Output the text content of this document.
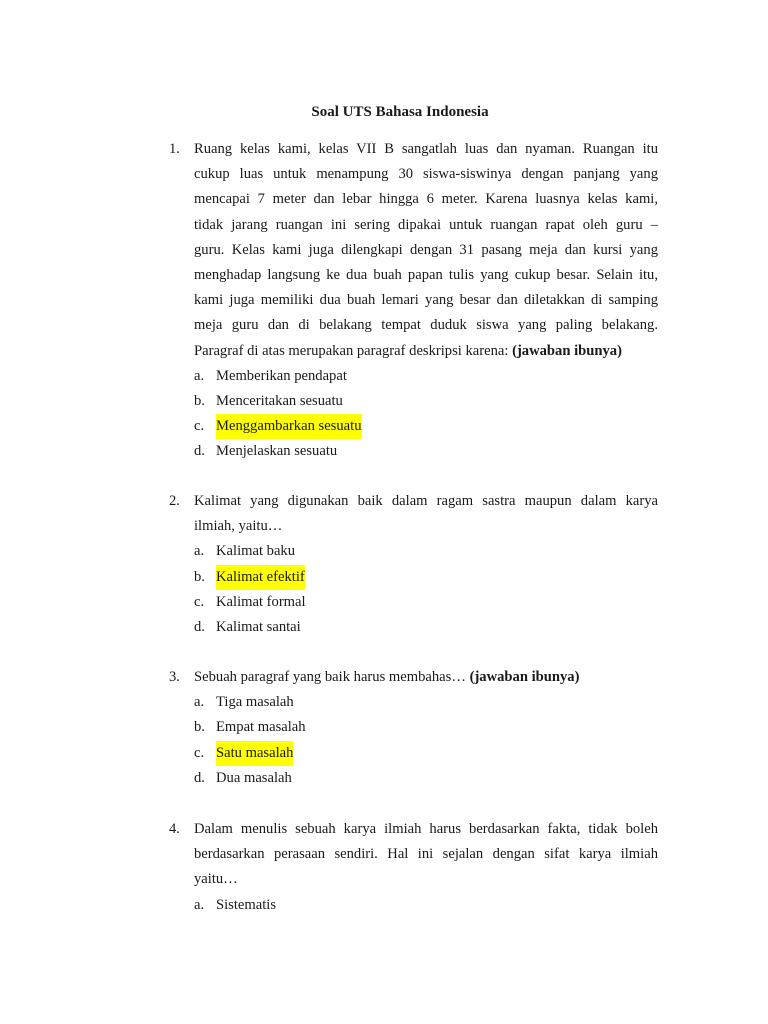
Soal UTS Bahasa Indonesia
1. Ruang kelas kami, kelas VII B sangatlah luas dan nyaman. Ruangan itu
cukup luas untuk menampung 30 siswa-siswinya dengan panjang yang
mencapai 7 meter dan lebar hingga 6 meter. Karena luasnya kelas kami,
tidak jarang ruangan ini sering dipakai untuk ruangan rapat oleh guru –
guru. Kelas kami juga dilengkapi dengan 31 pasang meja dan kursi yang
menghadap langsung ke dua buah papan tulis yang cukup besar. Selain itu,
kami juga memiliki dua buah lemari yang besar dan diletakkan di samping
meja guru dan di belakang tempat duduk siswa yang paling belakang.
Paragraf di atas merupakan paragraf deskripsi karena: (jawaban ibunya)
a. Memberikan pendapat
b. Menceritakan sesuatu
c. Menggambarkan sesuatu
d. Menjelaskan sesuatu
2. Kalimat yang digunakan baik dalam ragam sastra maupun dalam karya
ilmiah, yaitu…
a. Kalimat baku
b. Kalimat efektif
c. Kalimat formal
d. Kalimat santai
3. Sebuah paragraf yang baik harus membahas… (jawaban ibunya)
a. Tiga masalah
b. Empat masalah
c. Satu masalah
d. Dua masalah
4. Dalam menulis sebuah karya ilmiah harus berdasarkan fakta, tidak boleh
berdasarkan perasaan sendiri. Hal ini sejalan dengan sifat karya ilmiah
yaitu…
a. Sistematis
